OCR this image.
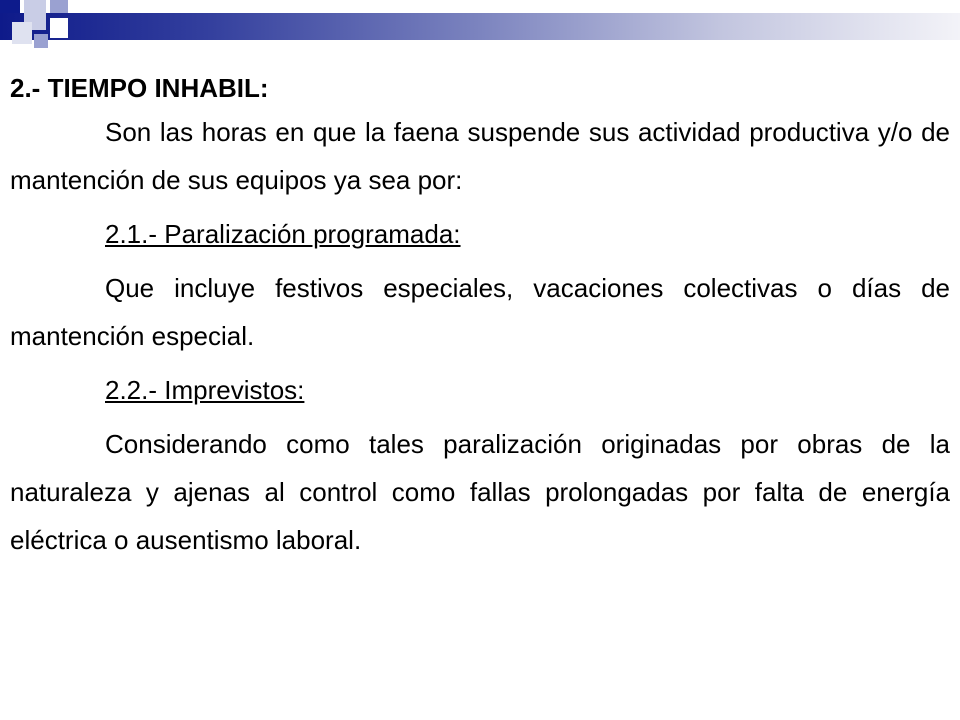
2.- TIEMPO INHABIL:

Son las horas en que la faena suspende sus actividad productiva y/o de mantención de sus equipos ya sea por:

2.1.- Paralización programada:

Que incluye festivos especiales, vacaciones colectivas o días de mantención especial.

2.2.- Imprevistos:

Considerando como tales paralización originadas por obras de la naturaleza y ajenas al control como fallas prolongadas por falta de energía eléctrica o ausentismo laboral.
